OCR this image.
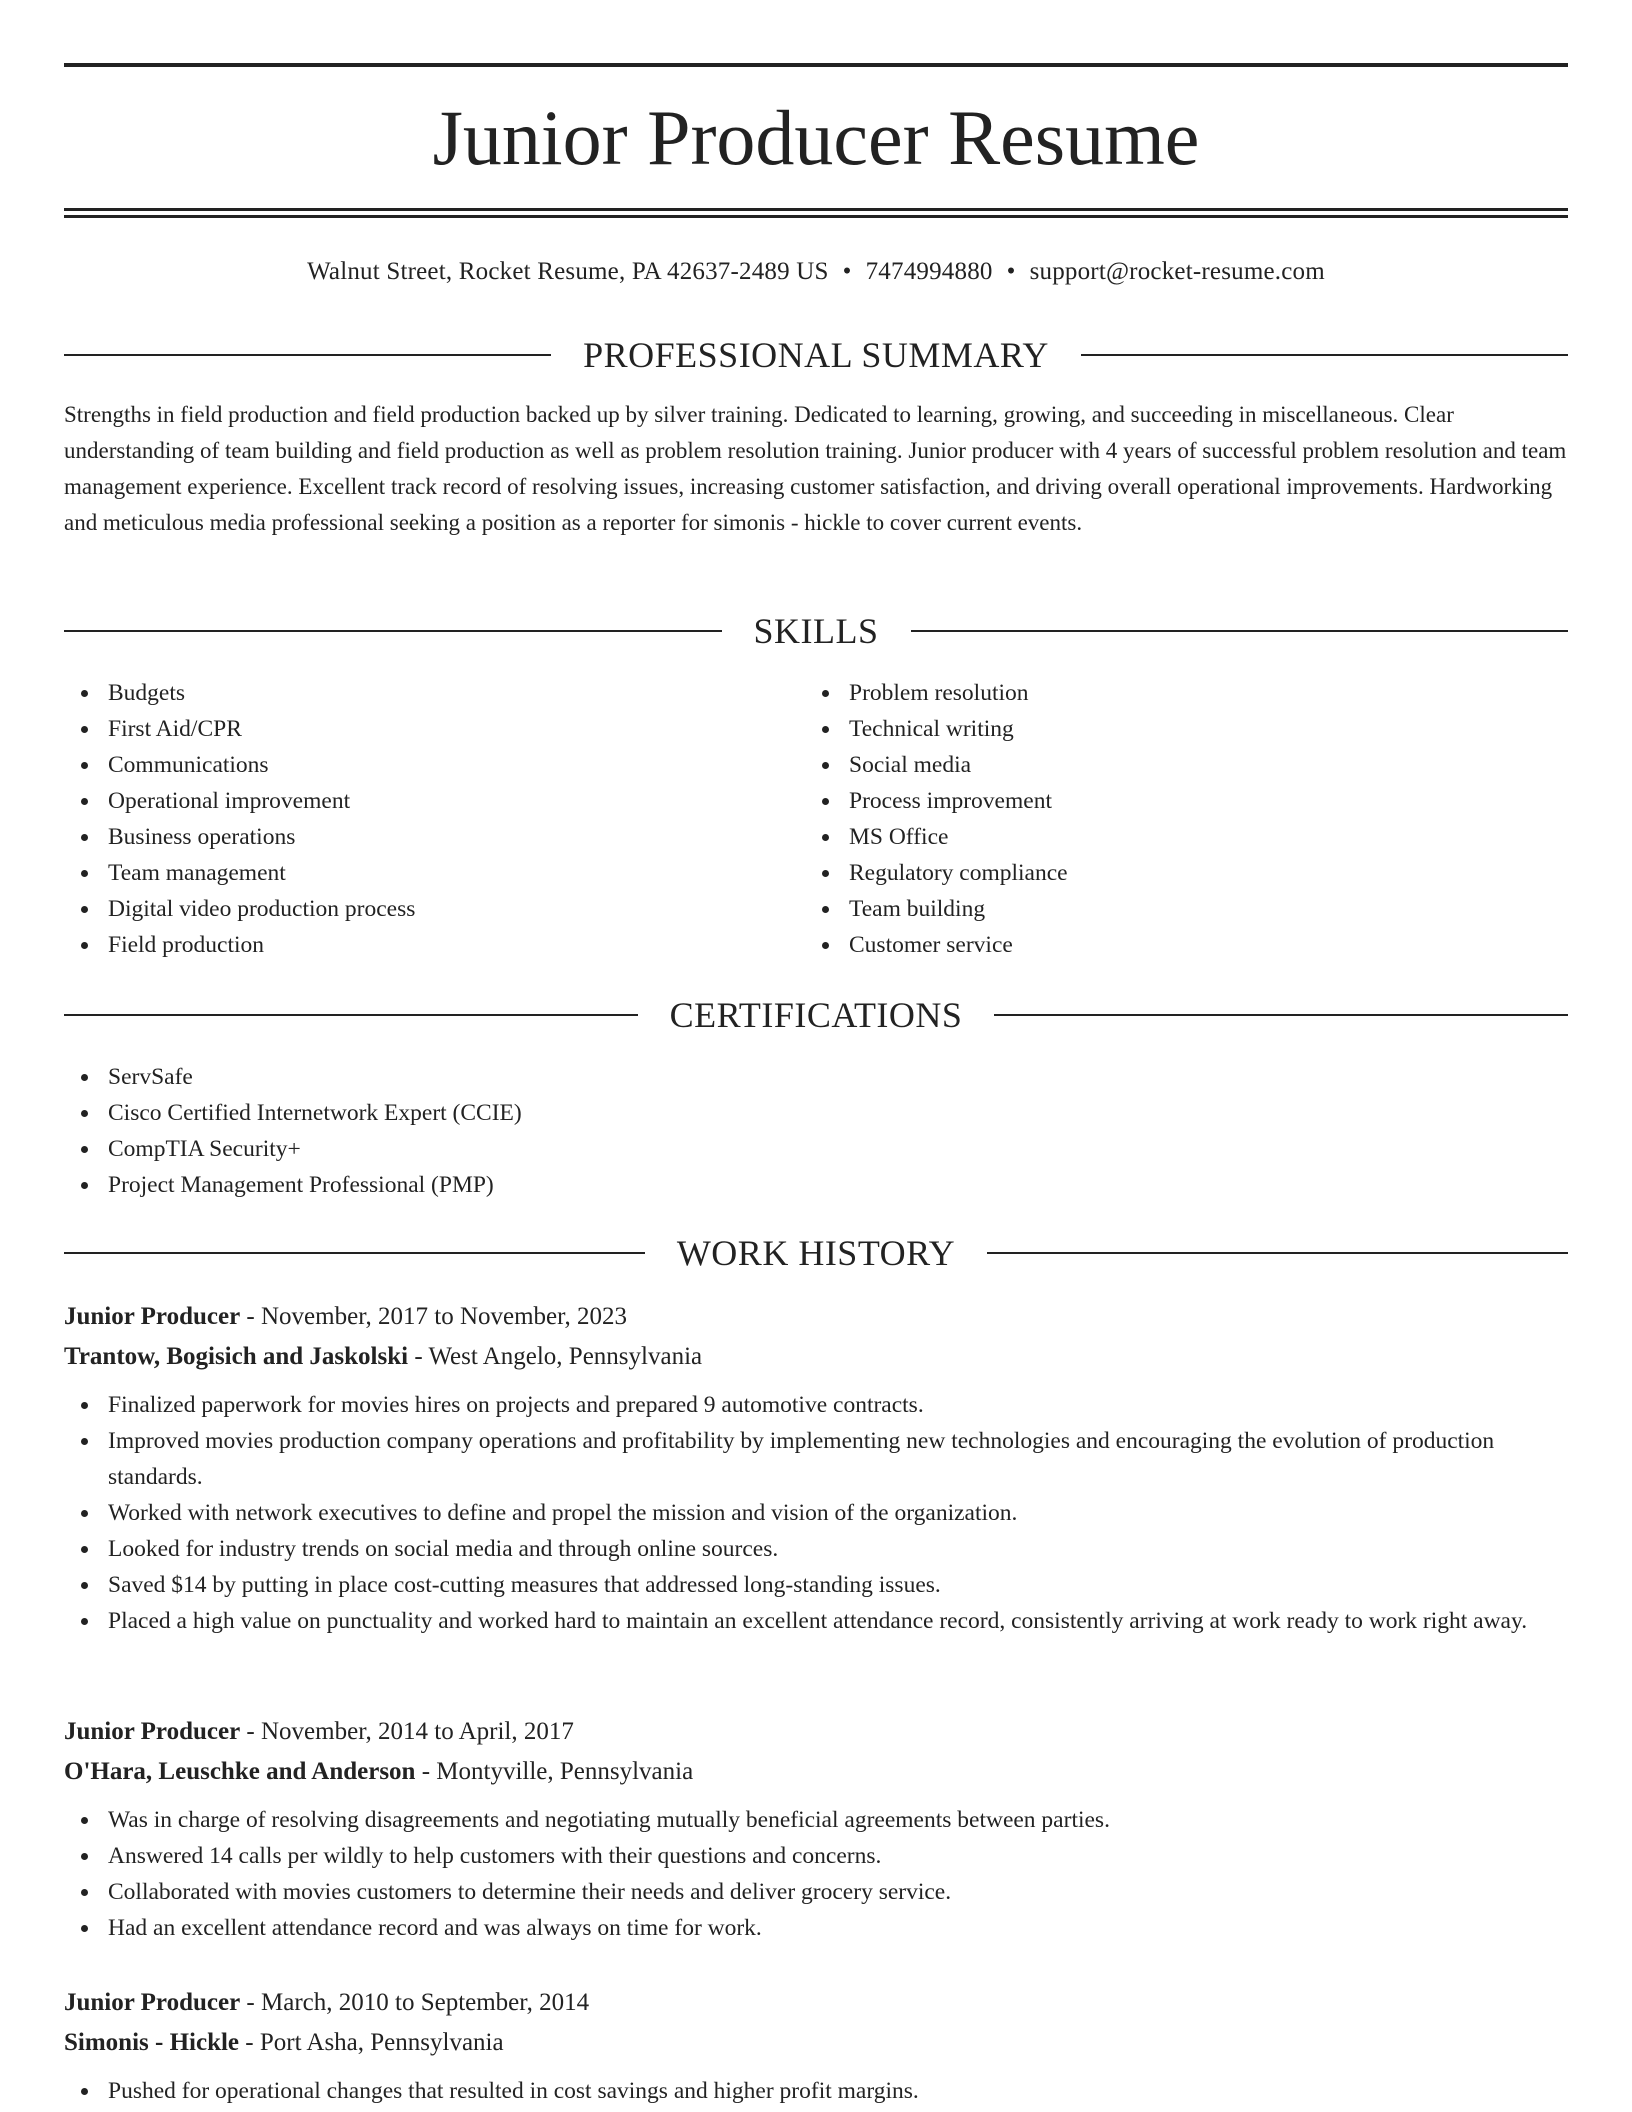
Junior Producer Resume
Walnut Street, Rocket Resume, PA 42637-2489 US • 7474994880 • support@rocket-resume.com
PROFESSIONAL SUMMARY

Strengths in field production and field production backed up by silver training. Dedicated to learning, growing, and succeeding in miscellaneous. Clear understanding of team building and field production as well as problem resolution training. Junior producer with 4 years of successful problem resolution and team management experience. Excellent track record of resolving issues, increasing customer satisfaction, and driving overall operational improvements. Hardworking and meticulous media professional seeking a position as a reporter for simonis - hickle to cover current events.

SKILLS
Budgets
First Aid/CPR
Communications
Operational improvement
Business operations
Team management
Digital video production process
Field production
Problem resolution
Technical writing
Social media
Process improvement
MS Office
Regulatory compliance
Team building
Customer service
CERTIFICATIONS
ServSafe
Cisco Certified Internetwork Expert (CCIE)
CompTIA Security+
Project Management Professional (PMP)
WORK HISTORY
Junior Producer - November, 2017 to November, 2023
Trantow, Bogisich and Jaskolski - West Angelo, Pennsylvania
Finalized paperwork for movies hires on projects and prepared 9 automotive contracts.
Improved movies production company operations and profitability by implementing new technologies and encouraging the evolution of production standards.
Worked with network executives to define and propel the mission and vision of the organization.
Looked for industry trends on social media and through online sources.
Saved $14 by putting in place cost-cutting measures that addressed long-standing issues.
Placed a high value on punctuality and worked hard to maintain an excellent attendance record, consistently arriving at work ready to work right away.
Junior Producer - November, 2014 to April, 2017
O'Hara, Leuschke and Anderson - Montyville, Pennsylvania
Was in charge of resolving disagreements and negotiating mutually beneficial agreements between parties.
Answered 14 calls per wildly to help customers with their questions and concerns.
Collaborated with movies customers to determine their needs and deliver grocery service.
Had an excellent attendance record and was always on time for work.
Junior Producer - March, 2010 to September, 2014
Simonis - Hickle - Port Asha, Pennsylvania
Pushed for operational changes that resulted in cost savings and higher profit margins.
